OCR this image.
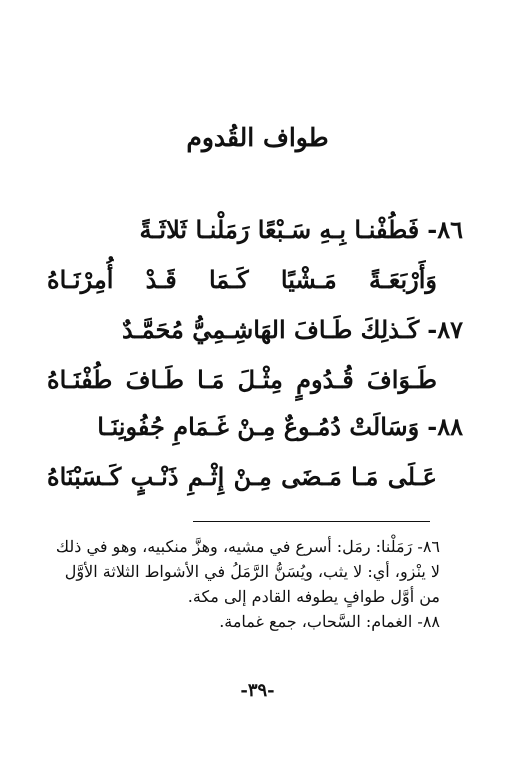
طواف القُدوم
٨٦-فَطُفْنـا بِـهِ سَـبْعًا رَمَلْنـا ثَلاثَـةً
وَأَرْبَعَـةً مَـشْيًا كَـمَا قَـدْ أُمِرْنَـاهُ
٨٧-كَـذلِكَ طَـافَ الهَاشِـمِيُّ مُحَمَّـدٌ
طَـوَافَ قُـدُومٍ مِثْـلَ مَـا طَـافَ طُفْنَـاهُ
٨٨-وَسَالَتْ دُمُـوعٌ مِـنْ غَـمَامِ جُفُونِنَـا
عَـلَى مَـا مَـضَى مِـنْ إِثْـمِ ذَنْـبٍ كَـسَبْنَاهُ
٨٦- رَمَلْنا: رمَل: أسرع في مشيه، وهزَّ منكبيه، وهو في ذلك لا ينْزو، أي: لا يثب، ويُسَنُّ الرَّمَلُ في الأشواط الثلاثة الأوَّل من أوَّل طوافٍ يطوفه القادم إلى مكة.
٨٨- الغمام: السَّحاب، جمع غمامة.
-٣٩-
